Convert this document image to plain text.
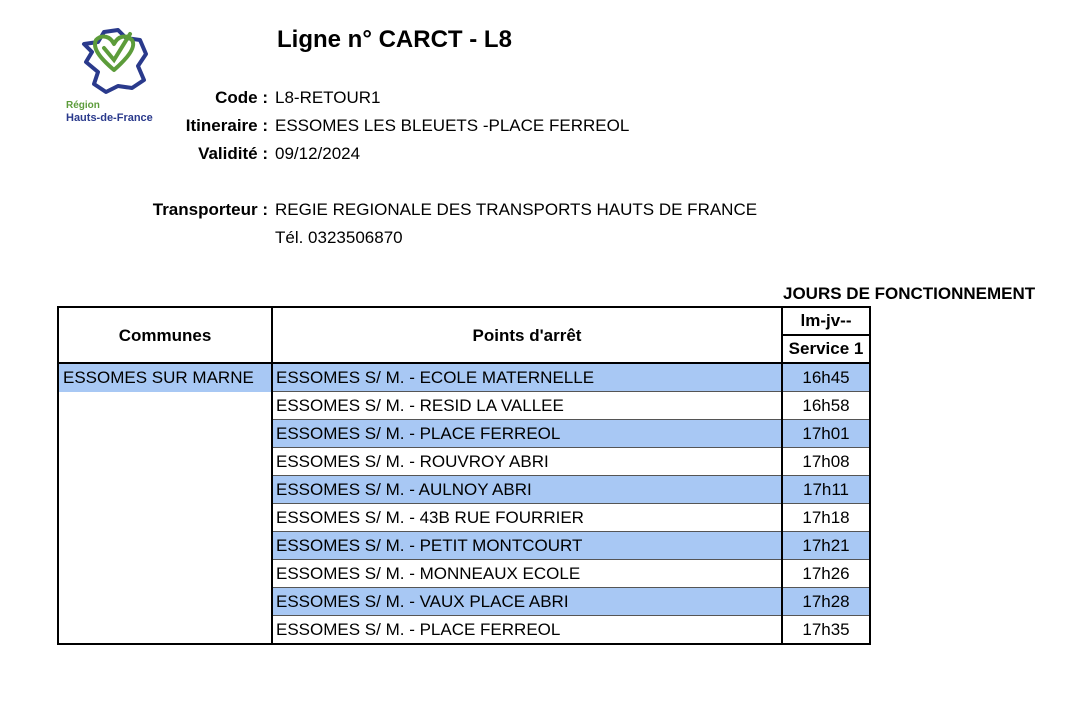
Région
Hauts-de-France
Ligne n° CARCT - L8
Code : L8-RETOUR1
Itineraire : ESSOMES LES BLEUETS -PLACE FERREOL
Validité : 09/12/2024
Transporteur : REGIE REGIONALE DES TRANSPORTS HAUTS DE FRANCE
Tél. 0323506870
JOURS DE FONCTIONNEMENT
Communes	Points d'arrêt	lm-jv--
		Service 1
ESSOMES SUR MARNE	ESSOMES S/ M. - ECOLE MATERNELLE	16h45
	ESSOMES S/ M. - RESID LA VALLEE	16h58
	ESSOMES S/ M. - PLACE FERREOL	17h01
	ESSOMES S/ M. - ROUVROY ABRI	17h08
	ESSOMES S/ M. - AULNOY ABRI	17h11
	ESSOMES S/ M. - 43B RUE FOURRIER	17h18
	ESSOMES S/ M. - PETIT MONTCOURT	17h21
	ESSOMES S/ M. - MONNEAUX ECOLE	17h26
	ESSOMES S/ M. - VAUX PLACE ABRI	17h28
	ESSOMES S/ M. - PLACE FERREOL	17h35
